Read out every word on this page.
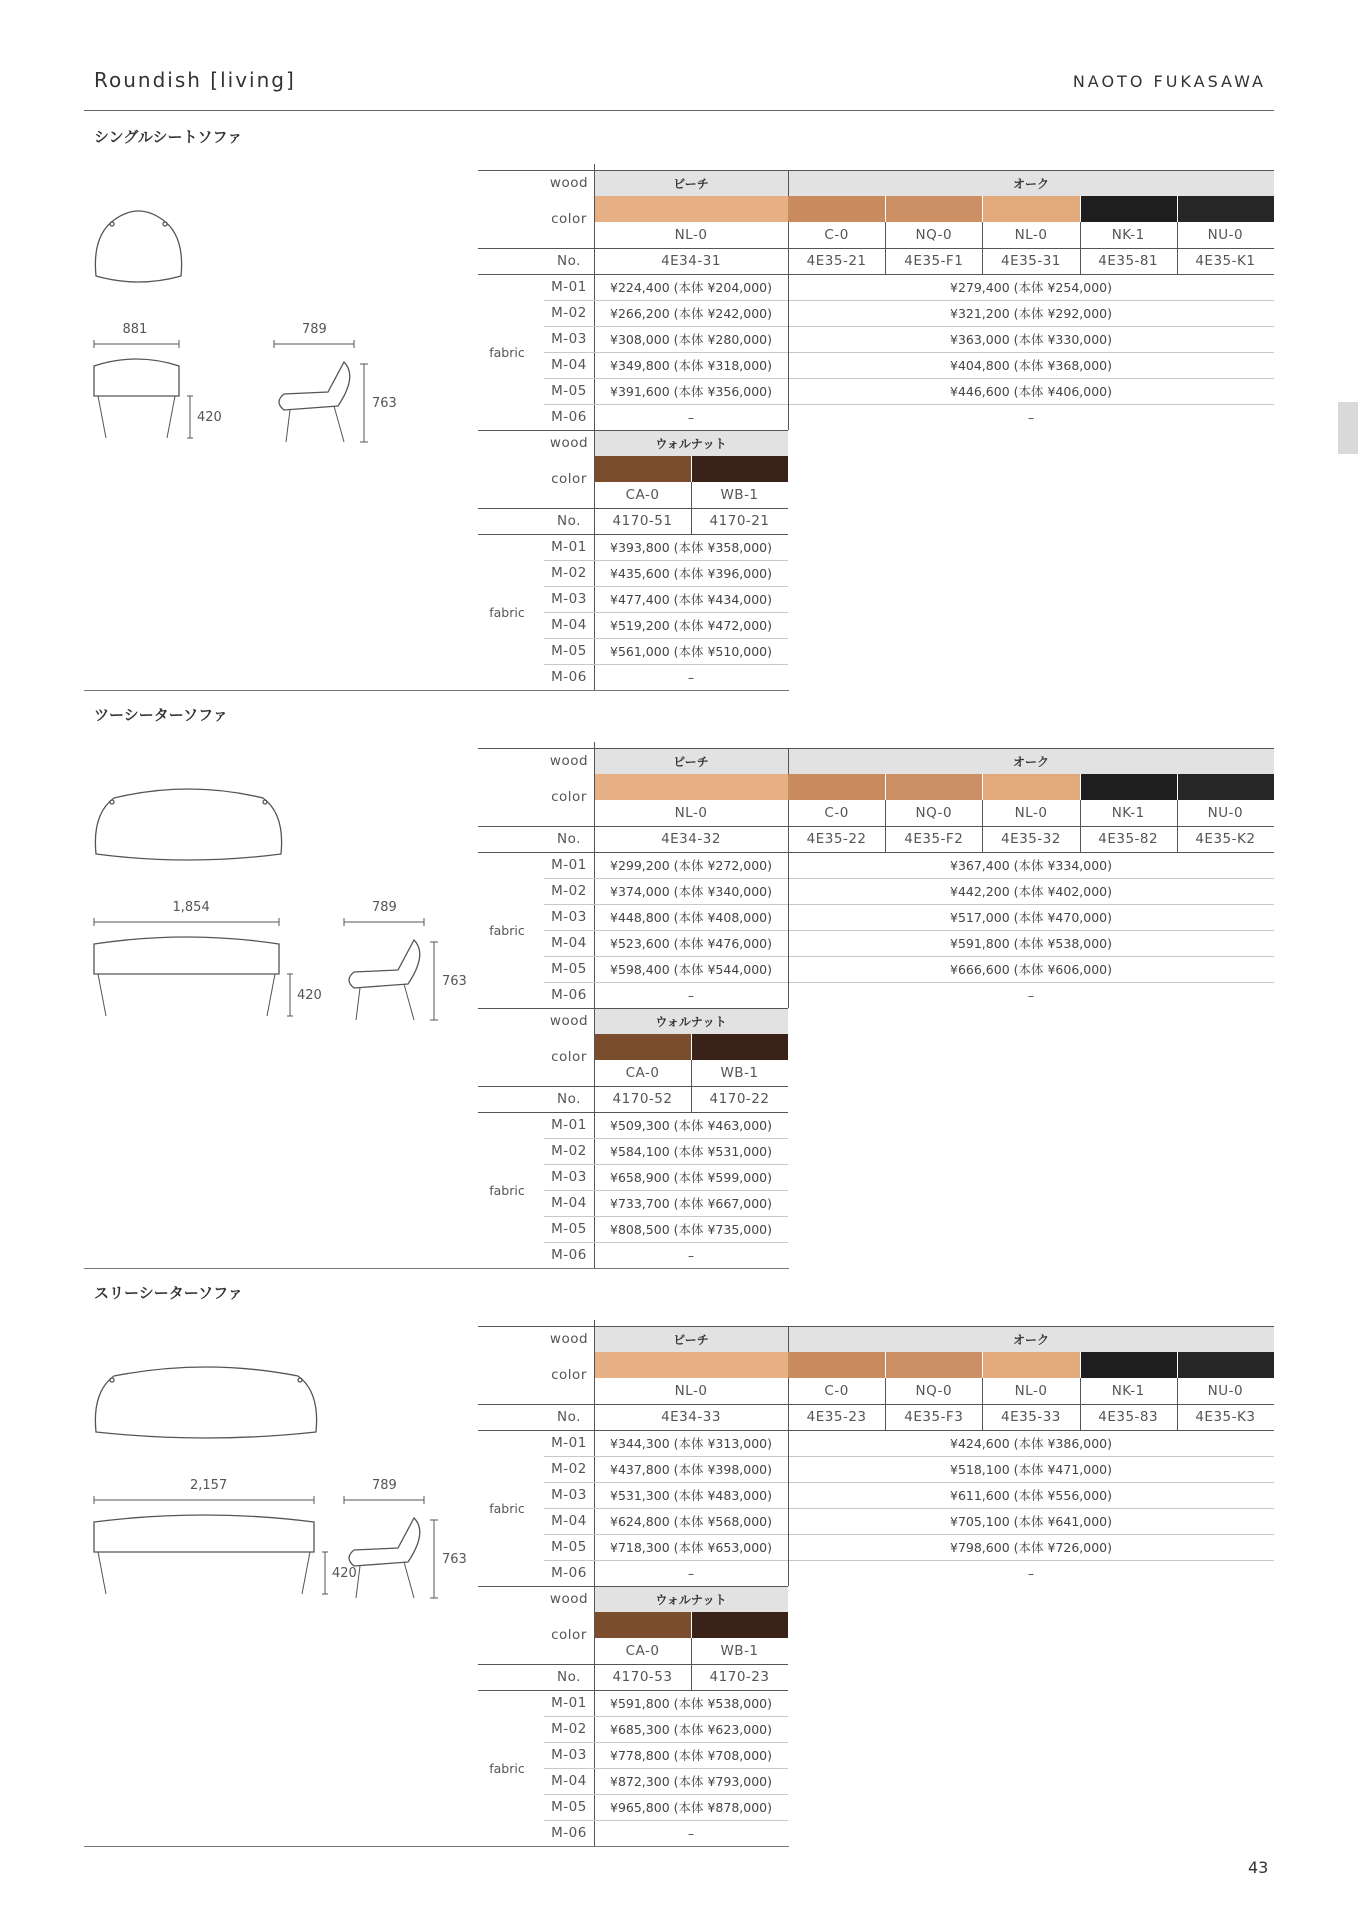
Roundish [living]	NAOTO FUKASAWA
43
シングルシートソファ
881	789
420
763
wood
color
ビーチ	オーク
NL-0	C-0	NQ-0	NL-0	NK-1	NU-0
No.	4E34-31	4E35-21	4E35-F1	4E35-31	4E35-81	4E35-K1
fabric
M-01	¥224,400 (本体 ¥204,000)	¥279,400 (本体 ¥254,000)
M-02	¥266,200 (本体 ¥242,000)	¥321,200 (本体 ¥292,000)
M-03	¥308,000 (本体 ¥280,000)	¥363,000 (本体 ¥330,000)
M-04	¥349,800 (本体 ¥318,000)	¥404,800 (本体 ¥368,000)
M-05	¥391,600 (本体 ¥356,000)	¥446,600 (本体 ¥406,000)
M-06	–	–
wood
color
ウォルナット
CA-0	WB-1
No.	4170-51	4170-21
fabric
M-01	¥393,800 (本体 ¥358,000)
M-02	¥435,600 (本体 ¥396,000)
M-03	¥477,400 (本体 ¥434,000)
M-04	¥519,200 (本体 ¥472,000)
M-05	¥561,000 (本体 ¥510,000)
M-06	–
ツーシーターソファ
1,854	789
420
763
wood
color
ビーチ	オーク
NL-0	C-0	NQ-0	NL-0	NK-1	NU-0
No.	4E34-32	4E35-22	4E35-F2	4E35-32	4E35-82	4E35-K2
fabric
M-01	¥299,200 (本体 ¥272,000)	¥367,400 (本体 ¥334,000)
M-02	¥374,000 (本体 ¥340,000)	¥442,200 (本体 ¥402,000)
M-03	¥448,800 (本体 ¥408,000)	¥517,000 (本体 ¥470,000)
M-04	¥523,600 (本体 ¥476,000)	¥591,800 (本体 ¥538,000)
M-05	¥598,400 (本体 ¥544,000)	¥666,600 (本体 ¥606,000)
M-06	–	–
wood
color
ウォルナット
CA-0	WB-1
No.	4170-52	4170-22
fabric
M-01	¥509,300 (本体 ¥463,000)
M-02	¥584,100 (本体 ¥531,000)
M-03	¥658,900 (本体 ¥599,000)
M-04	¥733,700 (本体 ¥667,000)
M-05	¥808,500 (本体 ¥735,000)
M-06	–
スリーシーターソファ
2,157	789
420
763
wood
color
ビーチ	オーク
NL-0	C-0	NQ-0	NL-0	NK-1	NU-0
No.	4E34-33	4E35-23	4E35-F3	4E35-33	4E35-83	4E35-K3
fabric
M-01	¥344,300 (本体 ¥313,000)	¥424,600 (本体 ¥386,000)
M-02	¥437,800 (本体 ¥398,000)	¥518,100 (本体 ¥471,000)
M-03	¥531,300 (本体 ¥483,000)	¥611,600 (本体 ¥556,000)
M-04	¥624,800 (本体 ¥568,000)	¥705,100 (本体 ¥641,000)
M-05	¥718,300 (本体 ¥653,000)	¥798,600 (本体 ¥726,000)
M-06	–	–
wood
color
ウォルナット
CA-0	WB-1
No.	4170-53	4170-23
fabric
M-01	¥591,800 (本体 ¥538,000)
M-02	¥685,300 (本体 ¥623,000)
M-03	¥778,800 (本体 ¥708,000)
M-04	¥872,300 (本体 ¥793,000)
M-05	¥965,800 (本体 ¥878,000)
M-06	–
